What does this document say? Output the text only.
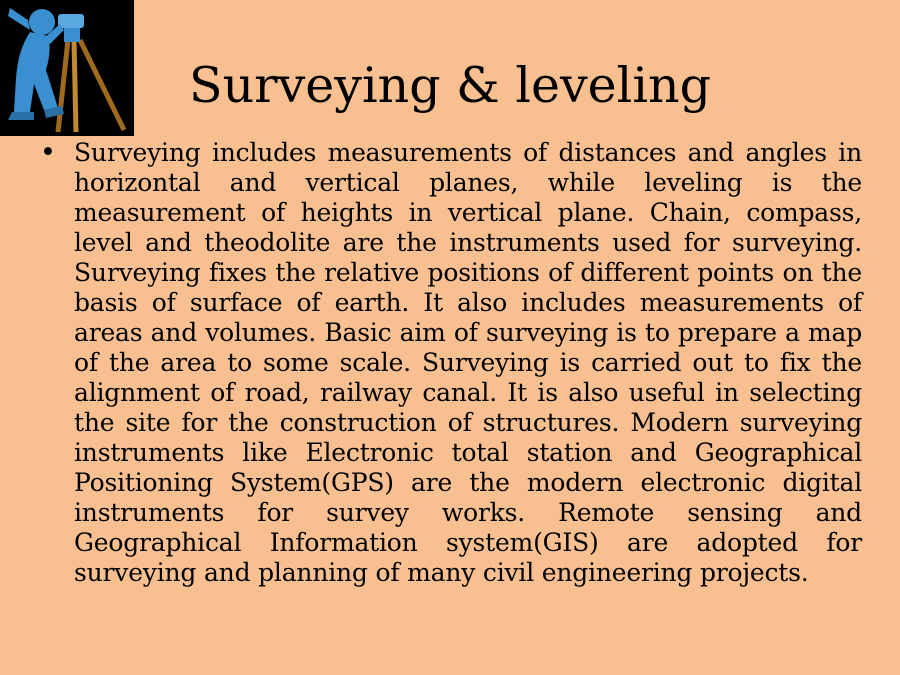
Surveying & leveling
• Surveying includes measurements of distances and angles in horizontal and vertical planes, while leveling is the measurement of heights in vertical plane. Chain, compass, level and theodolite are the instruments used for surveying. Surveying fixes the relative positions of different points on the basis of surface of earth. It also includes measurements of areas and volumes. Basic aim of surveying is to prepare a map of the area to some scale. Surveying is carried out to fix the alignment of road, railway canal. It is also useful in selecting the site for the construction of structures. Modern surveying instruments like Electronic total station and Geographical Positioning System(GPS) are the modern electronic digital instruments for survey works. Remote sensing and Geographical Information system(GIS) are adopted for surveying and planning of many civil engineering projects.
